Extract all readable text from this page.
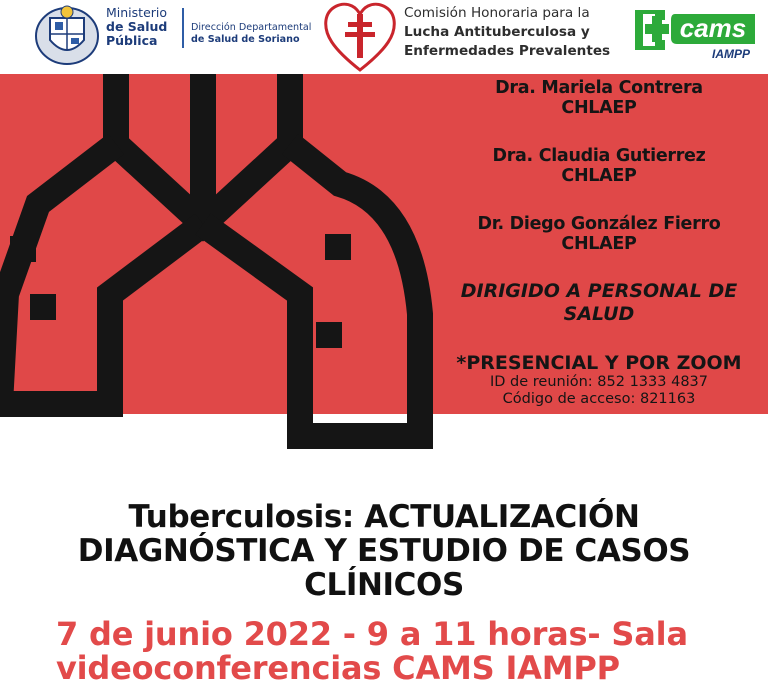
Ministerio
de Salud
Pública
Dirección Departamental
de Salud de Soriano
Comisión Honoraria para la
Lucha Antituberculosa y
Enfermedades Prevalentes
cams
IAMPP
Dra. Mariela Contrera
CHLAEP
Dra. Claudia Gutierrez
CHLAEP
Dr. Diego González Fierro
CHLAEP
DIRIGIDO A PERSONAL DE
SALUD
*PRESENCIAL Y POR ZOOM
ID de reunión: 852 1333 4837
Código de acceso: 821163
Tuberculosis: ACTUALIZACIÓN
DIAGNÓSTICA Y ESTUDIO DE CASOS
CLÍNICOS
7 de junio 2022 - 9 a 11 horas- Sala
videoconferencias CAMS IAMPP
